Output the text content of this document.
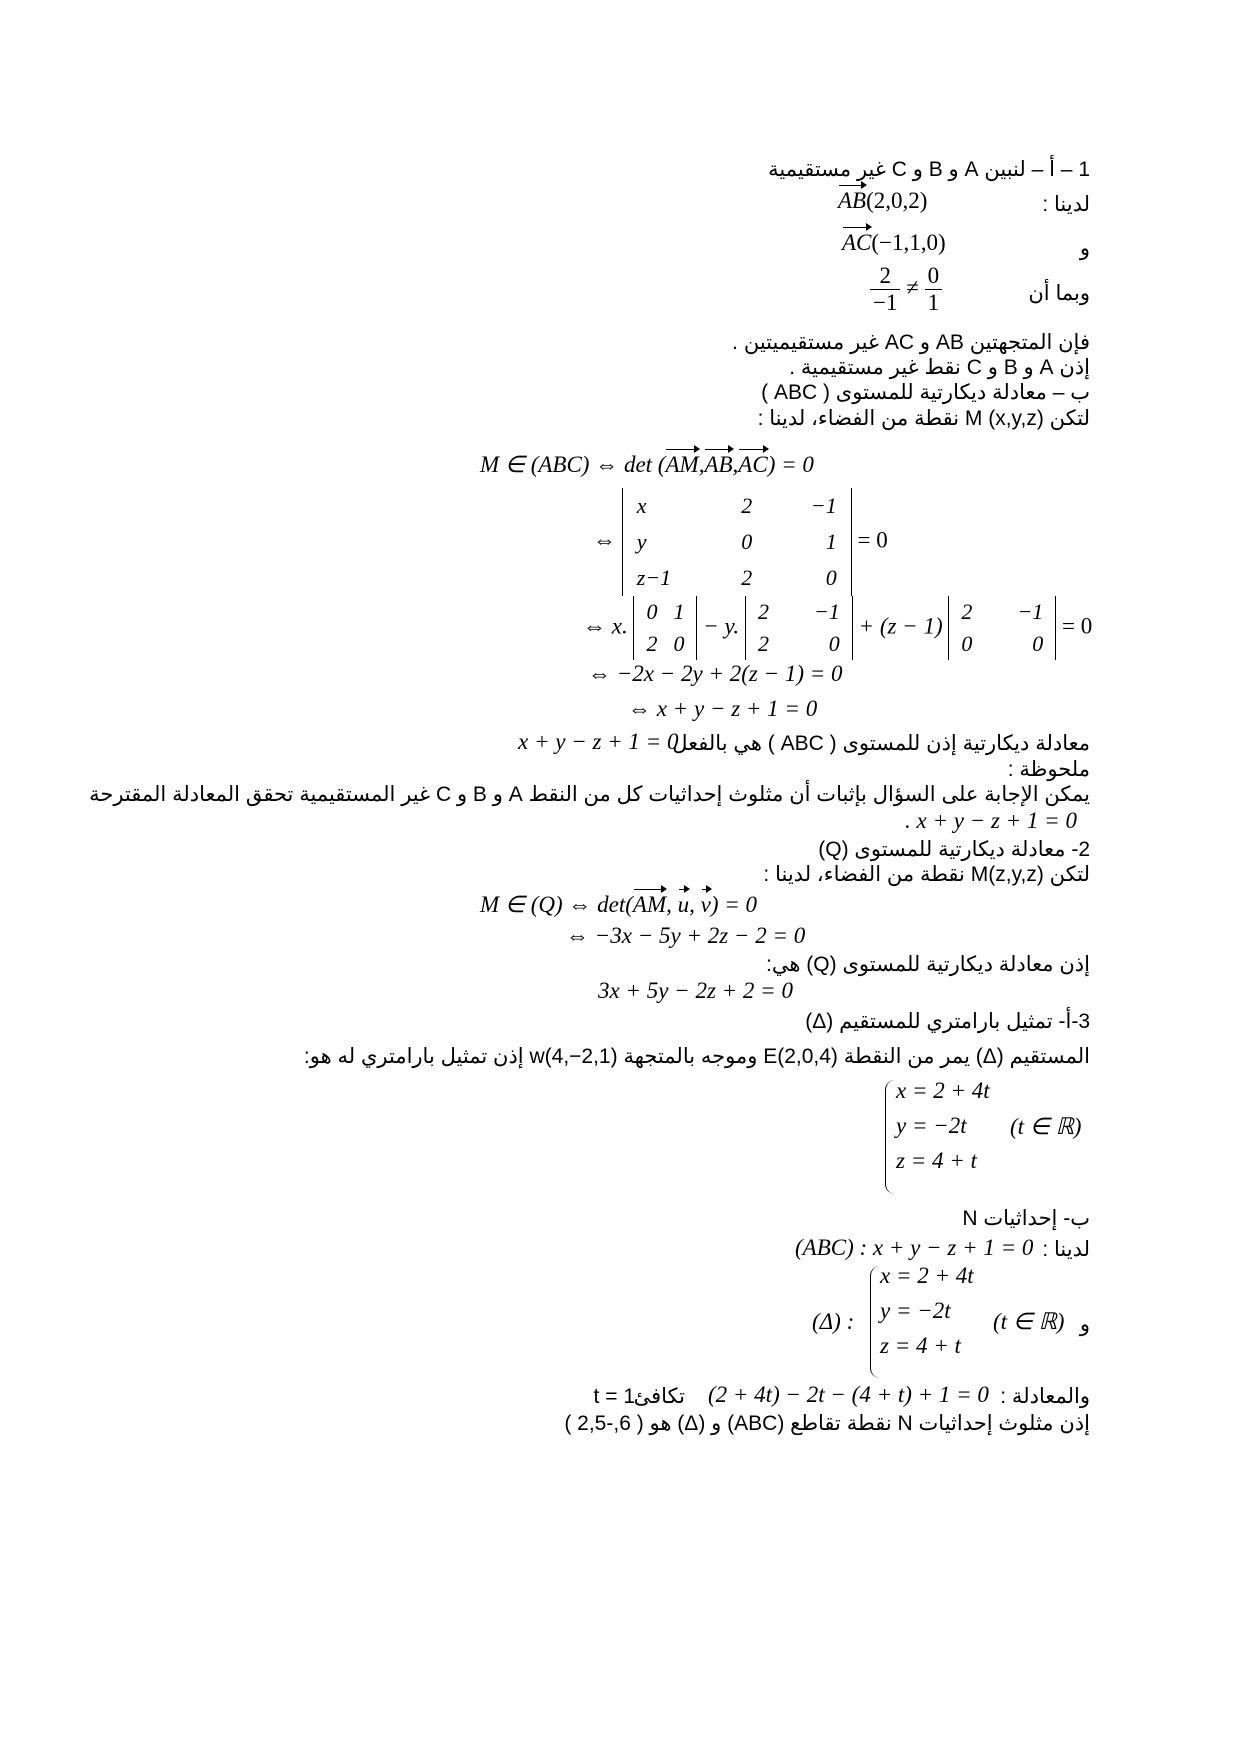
1 – أ – لنبين A و B و C غير مستقيمية
لدينا :
AB(2,0,2)
و
AC(−1,1,0)
وبما أن
$\frac{2}{-1} \ne \frac{0}{1}$
فإن المتجهتين AB و AC غير مستقيميتين .
إذن A و B و C نقط غير مستقيمية .
ب – معادلة ديكارتية للمستوى ( ABC )
لتكن M (x,y,z) نقطة من الفضاء، لدينا :
M ∈ (ABC) ⇔ det (AM,AB,AC) = 0
⇔
x	2	−1
y	0	1
z−1	2	0
= 0
⇔ x.
0	1
2	0
− y.
2	−1
2	0
+ (z − 1)
2	−1
0	0
= 0
⇔ −2x − 2y + 2(z − 1) = 0
⇔ x + y − z + 1 = 0
معادلة ديكارتية إذن للمستوى ( ABC ) هي بالفعل
x + y − z + 1 = 0
ملحوظة :
يمكن الإجابة على السؤال بإثبات أن مثلوث إحداثيات كل من النقط A و B و C غير المستقيمية تحقق المعادلة المقترحة
. x + y − z + 1 = 0
2- معادلة ديكارتية للمستوى (Q)
لتكن M(z,y,z) نقطة من الفضاء، لدينا :
M ∈ (Q) ⇔ det(AM, u, v) = 0
⇔ −3x − 5y + 2z − 2 = 0
إذن معادلة ديكارتية للمستوى (Q) هي:
3x + 5y − 2z + 2 = 0
3-أ- تمثيل بارامتري للمستقيم (Δ)
المستقيم (Δ) يمر من النقطة E(2,0,4) وموجه بالمتجهة w(4,−2,1) إذن تمثيل بارامتري له هو:
x = 2 + 4t
y = −2t
z = 4 + t
(t ∈ ℝ)
ب- إحداثيات N
لدينا :
(ABC) : x + y − z + 1 = 0
و
(Δ) :
x = 2 + 4t
y = −2t
z = 4 + t
(t ∈ ℝ)
والمعادلة :
(2 + 4t) − 2t − (4 + t) + 1 = 0
تكافئ
t = 1
إذن مثلوث إحداثيات N نقطة تقاطع (ABC) و (Δ) هو ( 6,-2,5 )
